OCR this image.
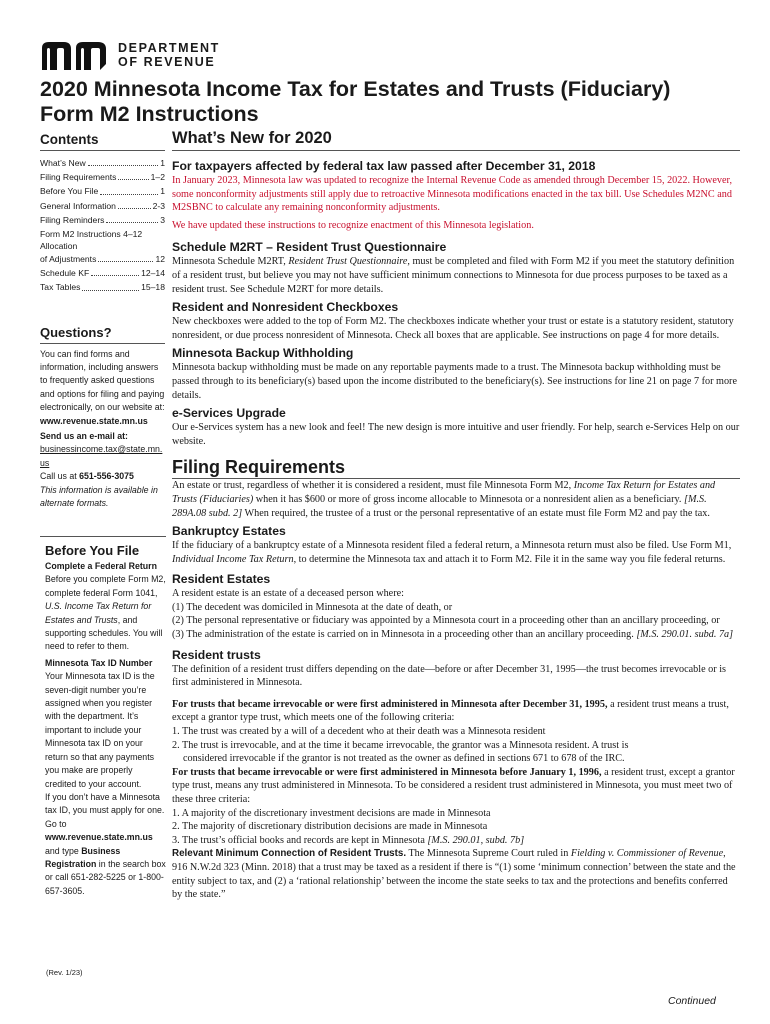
DEPARTMENT
OF REVENUE
2020 Minnesota Income Tax for Estates and Trusts (Fiduciary)
Form M2 Instructions
Contents
What’s New	1
Filing Requirements	1–2
Before You File	1
General Information	2-3
Filing Reminders	3
Form M2 Instructions 4–12
Allocation
of Adjustments	12
Schedule KF	12–14
Tax Tables	15–18
Questions?
You can find forms and information, including answers to frequently asked questions and options for filing and paying electronically, on our website at:
www.revenue.state.mn.us
Send us an e-mail at:
businessincome.tax@state.mn.us
Call us at 651-556-3075
This information is available in alternate formats.
Before You File
Complete a Federal Return
Before you complete Form M2, complete federal Form 1041, U.S. Income Tax Return for Estates and Trusts, and supporting schedules. You will need to refer to them.
Minnesota Tax ID Number
Your Minnesota tax ID is the seven-digit number you’re assigned when you register with the department. It’s important to include your Minnesota tax ID on your return so that any payments you make are properly credited to your account.
If you don’t have a Minnesota tax ID, you must apply for one. Go to www.revenue.state.mn.us and type Business Registration in the search box or call 651-282-5225 or 1-800-657-3605.
(Rev. 1/23)
Continued
What’s New for 2020
For taxpayers affected by federal tax law passed after December 31, 2018

In January 2023, Minnesota law was updated to recognize the Internal Revenue Code as amended through December 15, 2022. However, some nonconformity adjustments still apply due to retroactive Minnesota modifications enacted in the tax bill. Use Schedules M2NC and M2SBNC to calculate any remaining nonconformity adjustments.

We have updated these instructions to recognize enactment of this Minnesota legislation.

Schedule M2RT – Resident Trust Questionnaire

Minnesota Schedule M2RT, Resident Trust Questionnaire, must be completed and filed with Form M2 if you meet the statutory definition of a resident trust, but believe you may not have sufficient minimum connections to Minnesota for due process purposes to be taxed as a resident trust. See Schedule M2RT for more details.

Resident and Nonresident Checkboxes

New checkboxes were added to the top of Form M2. The checkboxes indicate whether your trust or estate is a statutory resident, statutory nonresident, or due process nonresident of Minnesota. Check all boxes that are applicable. See instructions on page 4 for more details.

Minnesota Backup Withholding

Minnesota backup withholding must be made on any reportable payments made to a trust. The Minnesota backup withholding must be passed through to its beneficiary(s) based upon the income distributed to the beneficiary(s). See instructions for line 21 on page 7 for more details.

e-Services Upgrade

Our e-Services system has a new look and feel! The new design is more intuitive and user friendly. For help, search e-Services Help on our website.

Filing Requirements

An estate or trust, regardless of whether it is considered a resident, must file Minnesota Form M2, Income Tax Return for Estates and Trusts (Fiduciaries) when it has $600 or more of gross income allocable to Minnesota or a nonresident alien as a beneficiary. [M.S. 289A.08 subd. 2] When required, the trustee of a trust or the personal representative of an estate must file Form M2 and pay the tax.

Bankruptcy Estates

If the fiduciary of a bankruptcy estate of a Minnesota resident filed a federal return, a Minnesota return must also be filed. Use Form M1, Individual Income Tax Return, to determine the Minnesota tax and attach it to Form M2. File it in the same way you file federal returns.

Resident Estates

A resident estate is an estate of a deceased person where:

(1) The decedent was domiciled in Minnesota at the date of death, or

(2) The personal representative or fiduciary was appointed by a Minnesota court in a proceeding other than an ancillary proceeding, or

(3) The administration of the estate is carried on in Minnesota in a proceeding other than an ancillary proceeding. [M.S. 290.01. subd. 7a]

Resident trusts

The definition of a resident trust differs depending on the date—before or after December 31, 1995—the trust becomes irrevocable or is first administered in Minnesota.

For trusts that became irrevocable or were first administered in Minnesota after December 31, 1995, a resident trust means a trust, except a grantor type trust, which meets one of the following criteria:

1. The trust was created by a will of a decedent who at their death was a Minnesota resident

2. The trust is irrevocable, and at the time it became irrevocable, the grantor was a Minnesota resident. A trust is

considered irrevocable if the grantor is not treated as the owner as defined in sections 671 to 678 of the IRC.

For trusts that became irrevocable or were first administered in Minnesota before January 1, 1996, a resident trust, except a grantor type trust, means any trust administered in Minnesota. To be considered a resident trust administered in Minnesota, you must meet two of these three criteria:

1. A majority of the discretionary investment decisions are made in Minnesota

2. The majority of discretionary distribution decisions are made in Minnesota

3. The trust’s official books and records are kept in Minnesota [M.S. 290.01, subd. 7b]

Relevant Minimum Connection of Resident Trusts. The Minnesota Supreme Court ruled in Fielding v. Commissioner of Revenue, 916 N.W.2d 323 (Minn. 2018) that a trust may be taxed as a resident if there is “(1) some ‘minimum connection’ between the state and the entity subject to tax, and (2) a ‘rational relationship’ between the income the state seeks to tax and the protections and benefits conferred by the state.”
